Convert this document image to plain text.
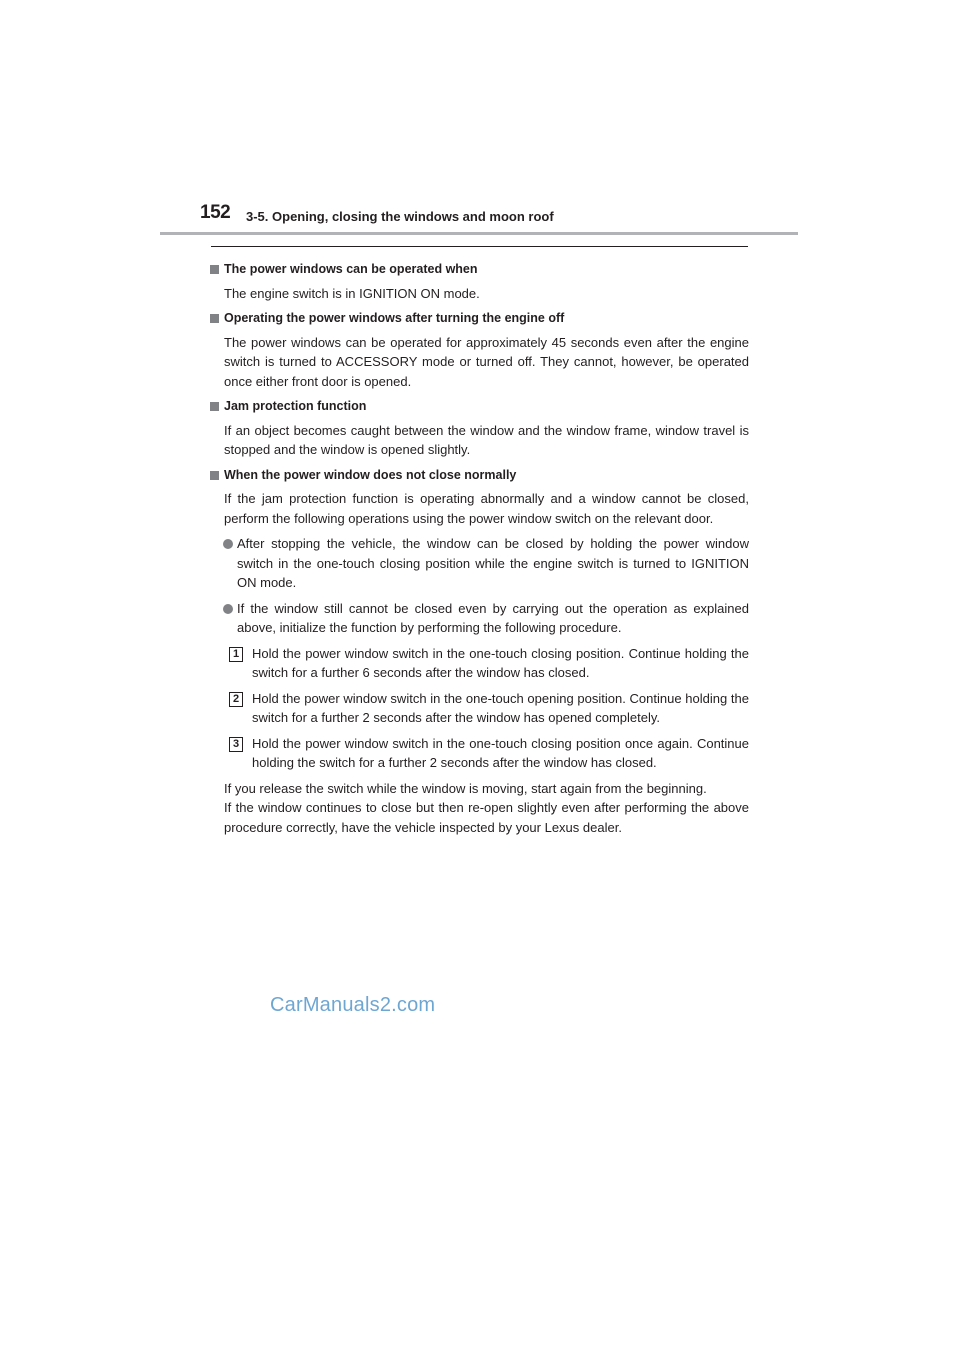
152 3-5. Opening, closing the windows and moon roof
The power windows can be operated when
The engine switch is in IGNITION ON mode.
Operating the power windows after turning the engine off
The power windows can be operated for approximately 45 seconds even after the engine switch is turned to ACCESSORY mode or turned off. They cannot, however, be operated once either front door is opened.
Jam protection function
If an object becomes caught between the window and the window frame, window travel is stopped and the window is opened slightly.
When the power window does not close normally
If the jam protection function is operating abnormally and a window cannot be closed, perform the following operations using the power window switch on the relevant door.
After stopping the vehicle, the window can be closed by holding the power window switch in the one-touch closing position while the engine switch is turned to IGNITION ON mode.
If the window still cannot be closed even by carrying out the operation as explained above, initialize the function by performing the following procedure.
1 Hold the power window switch in the one-touch closing position. Continue holding the switch for a further 6 seconds after the window has closed.
2 Hold the power window switch in the one-touch opening position. Continue holding the switch for a further 2 seconds after the window has opened completely.
3 Hold the power window switch in the one-touch closing position once again. Continue holding the switch for a further 2 seconds after the window has closed.
If you release the switch while the window is moving, start again from the beginning.
If the window continues to close but then re-open slightly even after performing the above procedure correctly, have the vehicle inspected by your Lexus dealer.
CarManuals2.com
